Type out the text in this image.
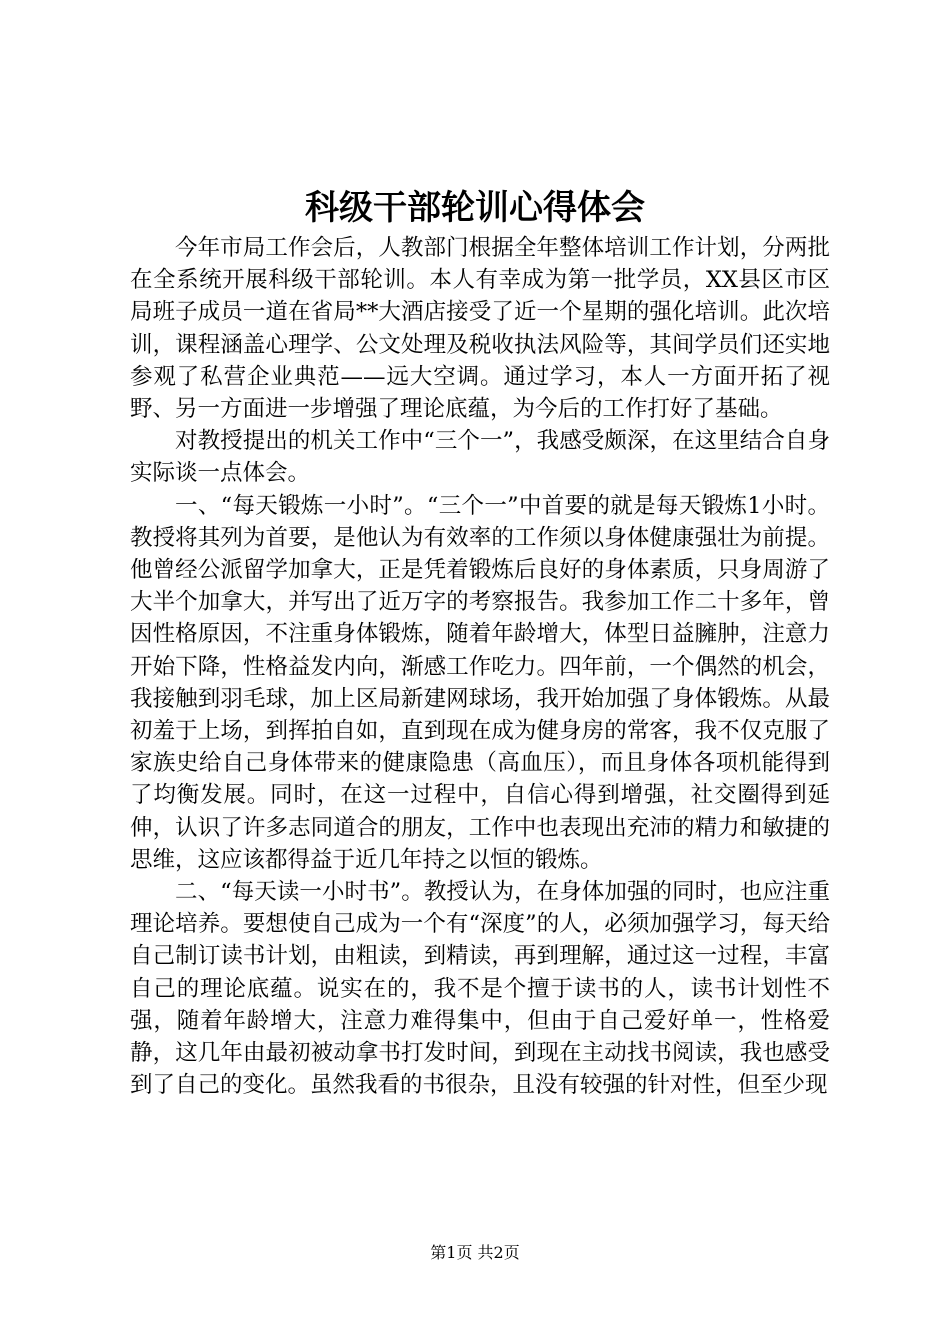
科级干部轮训心得体会

今年市局工作会后，人教部门根据全年整体培训工作计划，分两批在全系统开展科级干部轮训。本人有幸成为第一批学员，XX县区市区局班子成员一道在省局**大酒店接受了近一个星期的强化培训。此次培训，课程涵盖心理学、公文处理及税收执法风险等，其间学员们还实地参观了私营企业典范——远大空调。通过学习，本人一方面开拓了视野、另一方面进一步增强了理论底蕴，为今后的工作打好了基础。

对教授提出的机关工作中“三个一”，我感受颇深，在这里结合自身实际谈一点体会。

一、“每天锻炼一小时”。“三个一”中首要的就是每天锻炼1小时。教授将其列为首要，是他认为有效率的工作须以身体健康强壮为前提。他曾经公派留学加拿大，正是凭着锻炼后良好的身体素质，只身周游了大半个加拿大，并写出了近万字的考察报告。我参加工作二十多年，曾因性格原因，不注重身体锻炼，随着年龄增大，体型日益臃肿，注意力开始下降，性格益发内向，渐感工作吃力。四年前，一个偶然的机会，我接触到羽毛球，加上区局新建网球场，我开始加强了身体锻炼。从最初羞于上场，到挥拍自如，直到现在成为健身房的常客，我不仅克服了家族史给自己身体带来的健康隐患（高血压），而且身体各项机能得到了均衡发展。同时，在这一过程中，自信心得到增强，社交圈得到延伸，认识了许多志同道合的朋友，工作中也表现出充沛的精力和敏捷的思维，这应该都得益于近几年持之以恒的锻炼。

二、“每天读一小时书”。教授认为，在身体加强的同时，也应注重理论培养。要想使自己成为一个有“深度”的人，必须加强学习，每天给自己制订读书计划，由粗读，到精读，再到理解，通过这一过程，丰富自己的理论底蕴。说实在的，我不是个擅于读书的人，读书计划性不强，随着年龄增大，注意力难得集中，但由于自己爱好单一，性格爱静，这几年由最初被动拿书打发时间，到现在主动找书阅读，我也感受到了自己的变化。虽然我看的书很杂，且没有较强的针对性，但至少现

第1页 共2页
